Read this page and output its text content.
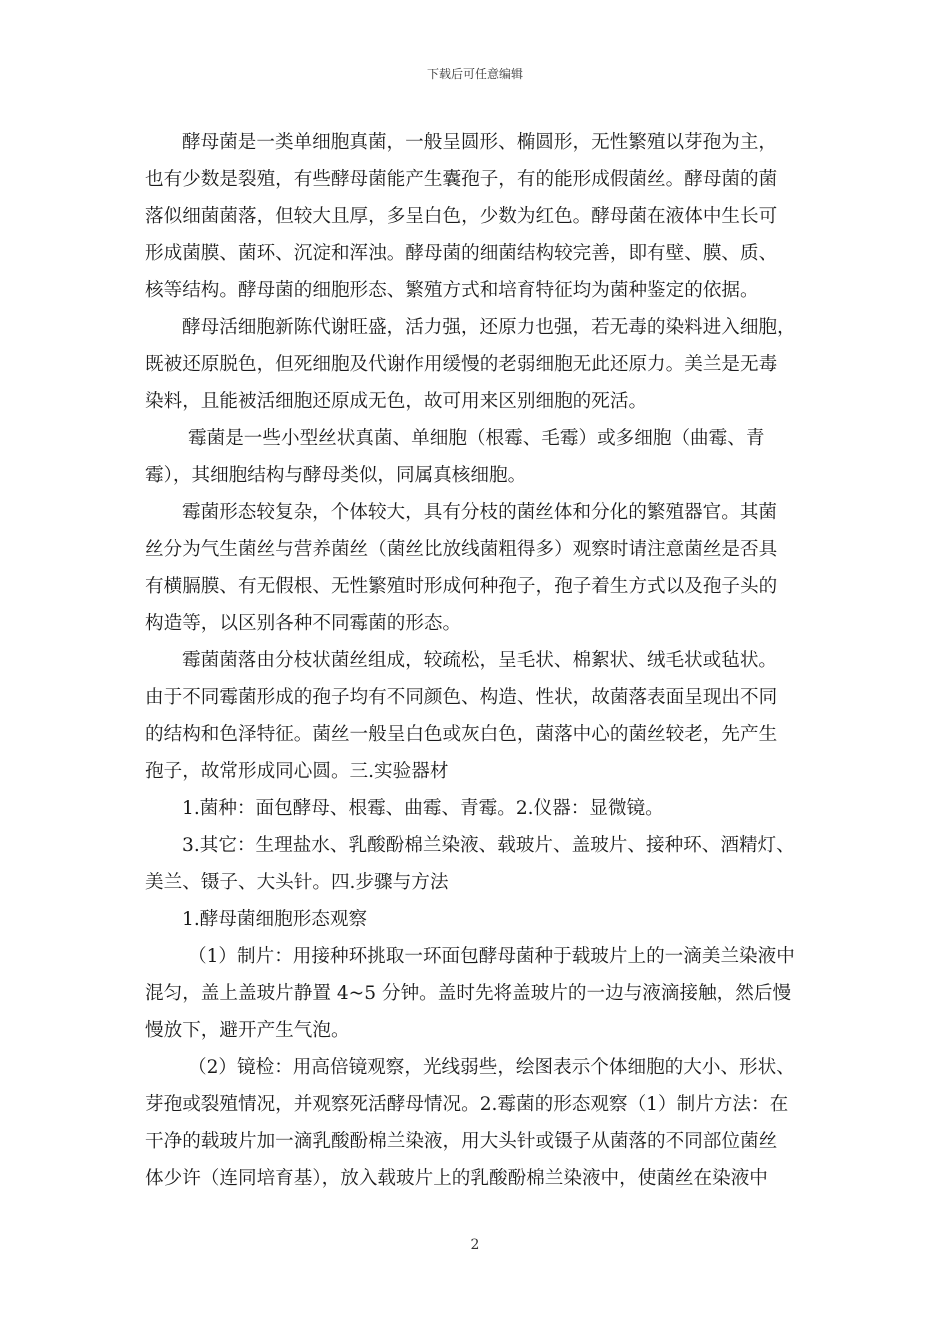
下载后可任意编辑
酵母菌是一类单细胞真菌，一般呈圆形、椭圆形，无性繁殖以芽孢为主，
也有少数是裂殖，有些酵母菌能产生囊孢子，有的能形成假菌丝。酵母菌的菌
落似细菌菌落，但较大且厚，多呈白色，少数为红色。酵母菌在液体中生长可
形成菌膜、菌环、沉淀和浑浊。酵母菌的细菌结构较完善，即有壁、膜、质、
核等结构。酵母菌的细胞形态、繁殖方式和培育特征均为菌种鉴定的依据。
酵母活细胞新陈代谢旺盛，活力强，还原力也强，若无毒的染料进入细胞，
既被还原脱色，但死细胞及代谢作用缓慢的老弱细胞无此还原力。美兰是无毒
染料，且能被活细胞还原成无色，故可用来区别细胞的死活。
霉菌是一些小型丝状真菌、单细胞（根霉、毛霉）或多细胞（曲霉、青
霉），其细胞结构与酵母类似，同属真核细胞。
霉菌形态较复杂，个体较大，具有分枝的菌丝体和分化的繁殖器官。其菌
丝分为气生菌丝与营养菌丝（菌丝比放线菌粗得多）观察时请注意菌丝是否具
有横膈膜、有无假根、无性繁殖时形成何种孢子，孢子着生方式以及孢子头的
构造等，以区别各种不同霉菌的形态。
霉菌菌落由分枝状菌丝组成，较疏松，呈毛状、棉絮状、绒毛状或毡状。
由于不同霉菌形成的孢子均有不同颜色、构造、性状，故菌落表面呈现出不同
的结构和色泽特征。菌丝一般呈白色或灰白色，菌落中心的菌丝较老，先产生
孢子，故常形成同心圆。三.实验器材
1.菌种：面包酵母、根霉、曲霉、青霉。2.仪器：显微镜。
3.其它：生理盐水、乳酸酚棉兰染液、载玻片、盖玻片、接种环、酒精灯、
美兰、镊子、大头针。四.步骤与方法
1.酵母菌细胞形态观察
（1）制片：用接种环挑取一环面包酵母菌种于载玻片上的一滴美兰染液中
混匀，盖上盖玻片静置 4~5 分钟。盖时先将盖玻片的一边与液滴接触，然后慢
慢放下，避开产生气泡。
（2）镜检：用高倍镜观察，光线弱些，绘图表示个体细胞的大小、形状、
芽孢或裂殖情况，并观察死活酵母情况。2.霉菌的形态观察（1）制片方法：在
干净的载玻片加一滴乳酸酚棉兰染液，用大头针或镊子从菌落的不同部位菌丝
体少许（连同培育基），放入载玻片上的乳酸酚棉兰染液中，使菌丝在染液中
2
